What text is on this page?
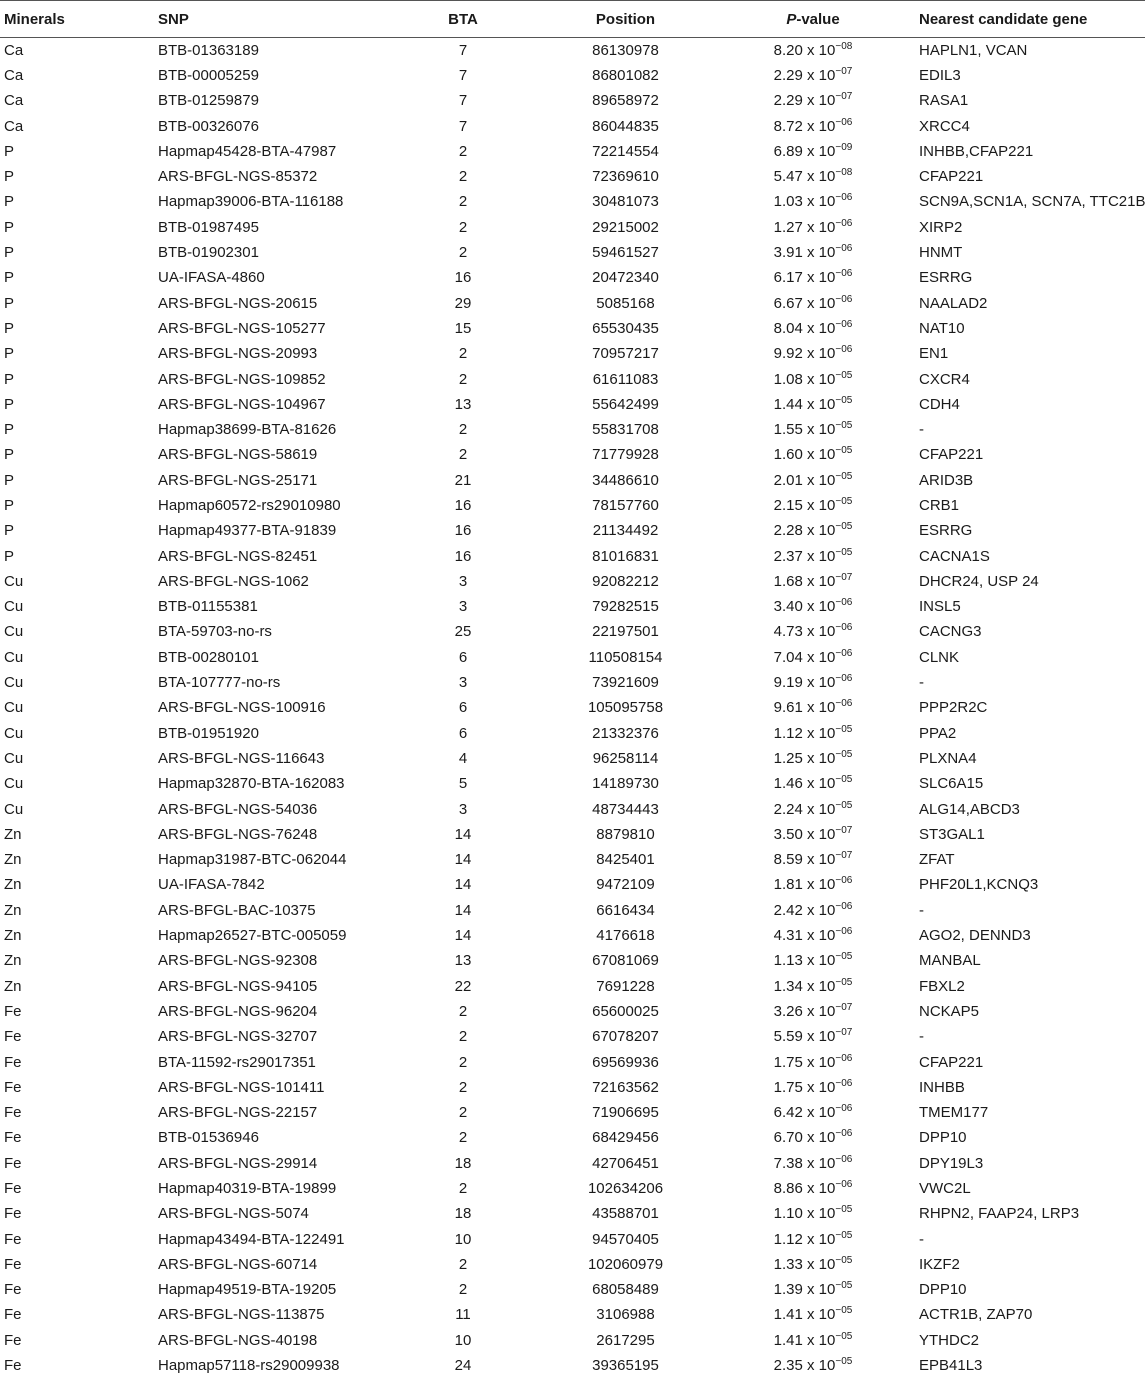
Minerals	SNP	BTA	Position	P-value	Nearest candidate gene
Ca	BTB-01363189	7	86130978	8.20 x $10^{-08}$	HAPLN1, VCAN
Ca	BTB-00005259	7	86801082	2.29 x $10^{-07}$	EDIL3
Ca	BTB-01259879	7	89658972	2.29 x $10^{-07}$	RASA1
Ca	BTB-00326076	7	86044835	8.72 x $10^{-06}$	XRCC4
P	Hapmap45428-BTA-47987	2	72214554	6.89 x $10^{-09}$	INHBB,CFAP221
P	ARS-BFGL-NGS-85372	2	72369610	5.47 x $10^{-08}$	CFAP221
P	Hapmap39006-BTA-116188	2	30481073	1.03 x $10^{-06}$	SCN9A,SCN1A, SCN7A, TTC21B
P	BTB-01987495	2	29215002	1.27 x $10^{-06}$	XIRP2
P	BTB-01902301	2	59461527	3.91 x $10^{-06}$	HNMT
P	UA-IFASA-4860	16	20472340	6.17 x $10^{-06}$	ESRRG
P	ARS-BFGL-NGS-20615	29	5085168	6.67 x $10^{-06}$	NAALAD2
P	ARS-BFGL-NGS-105277	15	65530435	8.04 x $10^{-06}$	NAT10
P	ARS-BFGL-NGS-20993	2	70957217	9.92 x $10^{-06}$	EN1
P	ARS-BFGL-NGS-109852	2	61611083	1.08 x $10^{-05}$	CXCR4
P	ARS-BFGL-NGS-104967	13	55642499	1.44 x $10^{-05}$	CDH4
P	Hapmap38699-BTA-81626	2	55831708	1.55 x $10^{-05}$	-
P	ARS-BFGL-NGS-58619	2	71779928	1.60 x $10^{-05}$	CFAP221
P	ARS-BFGL-NGS-25171	21	34486610	2.01 x $10^{-05}$	ARID3B
P	Hapmap60572-rs29010980	16	78157760	2.15 x $10^{-05}$	CRB1
P	Hapmap49377-BTA-91839	16	21134492	2.28 x $10^{-05}$	ESRRG
P	ARS-BFGL-NGS-82451	16	81016831	2.37 x $10^{-05}$	CACNA1S
Cu	ARS-BFGL-NGS-1062	3	92082212	1.68 x $10^{-07}$	DHCR24, USP 24
Cu	BTB-01155381	3	79282515	3.40 x $10^{-06}$	INSL5
Cu	BTA-59703-no-rs	25	22197501	4.73 x $10^{-06}$	CACNG3
Cu	BTB-00280101	6	110508154	7.04 x $10^{-06}$	CLNK
Cu	BTA-107777-no-rs	3	73921609	9.19 x $10^{-06}$	-
Cu	ARS-BFGL-NGS-100916	6	105095758	9.61 x $10^{-06}$	PPP2R2C
Cu	BTB-01951920	6	21332376	1.12 x $10^{-05}$	PPA2
Cu	ARS-BFGL-NGS-116643	4	96258114	1.25 x $10^{-05}$	PLXNA4
Cu	Hapmap32870-BTA-162083	5	14189730	1.46 x $10^{-05}$	SLC6A15
Cu	ARS-BFGL-NGS-54036	3	48734443	2.24 x $10^{-05}$	ALG14,ABCD3
Zn	ARS-BFGL-NGS-76248	14	8879810	3.50 x $10^{-07}$	ST3GAL1
Zn	Hapmap31987-BTC-062044	14	8425401	8.59 x $10^{-07}$	ZFAT
Zn	UA-IFASA-7842	14	9472109	1.81 x $10^{-06}$	PHF20L1,KCNQ3
Zn	ARS-BFGL-BAC-10375	14	6616434	2.42 x $10^{-06}$	-
Zn	Hapmap26527-BTC-005059	14	4176618	4.31 x $10^{-06}$	AGO2, DENND3
Zn	ARS-BFGL-NGS-92308	13	67081069	1.13 x $10^{-05}$	MANBAL
Zn	ARS-BFGL-NGS-94105	22	7691228	1.34 x $10^{-05}$	FBXL2
Fe	ARS-BFGL-NGS-96204	2	65600025	3.26 x $10^{-07}$	NCKAP5
Fe	ARS-BFGL-NGS-32707	2	67078207	5.59 x $10^{-07}$	-
Fe	BTA-11592-rs29017351	2	69569936	1.75 x $10^{-06}$	CFAP221
Fe	ARS-BFGL-NGS-101411	2	72163562	1.75 x $10^{-06}$	INHBB
Fe	ARS-BFGL-NGS-22157	2	71906695	6.42 x $10^{-06}$	TMEM177
Fe	BTB-01536946	2	68429456	6.70 x $10^{-06}$	DPP10
Fe	ARS-BFGL-NGS-29914	18	42706451	7.38 x $10^{-06}$	DPY19L3
Fe	Hapmap40319-BTA-19899	2	102634206	8.86 x $10^{-06}$	VWC2L
Fe	ARS-BFGL-NGS-5074	18	43588701	1.10 x $10^{-05}$	RHPN2, FAAP24, LRP3
Fe	Hapmap43494-BTA-122491	10	94570405	1.12 x $10^{-05}$	-
Fe	ARS-BFGL-NGS-60714	2	102060979	1.33 x $10^{-05}$	IKZF2
Fe	Hapmap49519-BTA-19205	2	68058489	1.39 x $10^{-05}$	DPP10
Fe	ARS-BFGL-NGS-113875	11	3106988	1.41 x $10^{-05}$	ACTR1B, ZAP70
Fe	ARS-BFGL-NGS-40198	10	2617295	1.41 x $10^{-05}$	YTHDC2
Fe	Hapmap57118-rs29009938	24	39365195	2.35 x $10^{-05}$	EPB41L3
